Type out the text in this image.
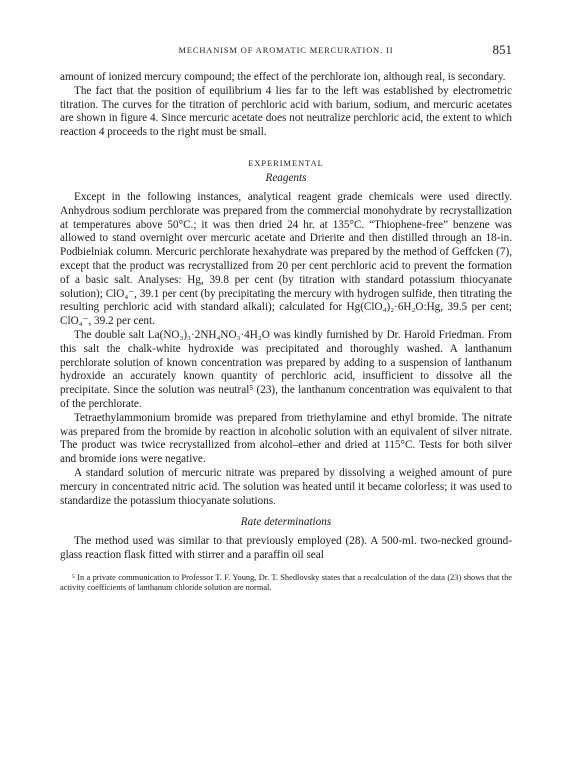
MECHANISM OF AROMATIC MERCURATION. II	851

amount of ionized mercury compound; the effect of the perchlorate ion, although real, is secondary.

The fact that the position of equilibrium 4 lies far to the left was established by electrometric titration. The curves for the titration of perchloric acid with barium, sodium, and mercuric acetates are shown in figure 4. Since mercuric acetate does not neutralize perchloric acid, the extent to which reaction 4 proceeds to the right must be small.

EXPERIMENTAL
Reagents

Except in the following instances, analytical reagent grade chemicals were used directly. Anhydrous sodium perchlorate was prepared from the commercial monohydrate by recrystallization at temperatures above 50°C.; it was then dried 24 hr. at 135°C. “Thiophene-free” benzene was allowed to stand overnight over mercuric acetate and Drierite and then distilled through an 18-in. Podbielniak column. Mercuric perchlorate hexahydrate was prepared by the method of Geffcken (7), except that the product was recrystallized from 20 per cent perchloric acid to prevent the formation of a basic salt. Analyses: Hg, 39.8 per cent (by titration with standard potassium thiocyanate solution); ClO₄⁻, 39.1 per cent (by precipitating the mercury with hydrogen sulfide, then titrating the resulting perchloric acid with standard alkali); calculated for Hg(ClO₄)₂·6H₂O:Hg, 39.5 per cent; ClO₄⁻, 39.2 per cent.

The double salt La(NO₃)₃·2NH₄NO₃·4H₂O was kindly furnished by Dr. Harold Friedman. From this salt the chalk-white hydroxide was precipitated and thoroughly washed. A lanthanum perchlorate solution of known concentration was prepared by adding to a suspension of lanthanum hydroxide an accurately known quantity of perchloric acid, insufficient to dissolve all the precipitate. Since the solution was neutral⁵ (23), the lanthanum concentration was equivalent to that of the perchlorate.

Tetraethylammonium bromide was prepared from triethylamine and ethyl bromide. The nitrate was prepared from the bromide by reaction in alcoholic solution with an equivalent of silver nitrate. The product was twice recrystallized from alcohol–ether and dried at 115°C. Tests for both silver and bromide ions were negative.

A standard solution of mercuric nitrate was prepared by dissolving a weighed amount of pure mercury in concentrated nitric acid. The solution was heated until it became colorless; it was used to standardize the potassium thiocyanate solutions.

Rate determinations

The method used was similar to that previously employed (28). A 500-ml. two-necked ground-glass reaction flask fitted with stirrer and a paraffin oil seal

⁵ In a private communication to Professor T. F. Young, Dr. T. Shedlovsky states that a recalculation of the data (23) shows that the activity coefficients of lanthanum chloride solution are normal.
